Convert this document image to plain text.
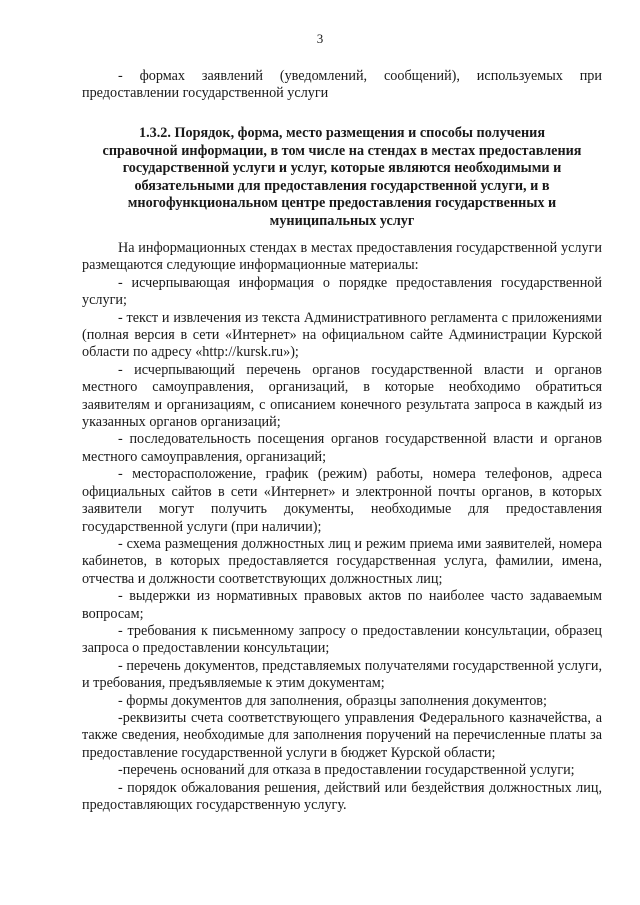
3

- формах заявлений (уведомлений, сообщений), используемых при предоставлении государственной услуги

1.3.2. Порядок, форма, место размещения и способы получения
справочной информации, в том числе на стендах в местах предоставления
государственной услуги и услуг, которые являются необходимыми и
обязательными для предоставления государственной услуги, и в
многофункциональном центре предоставления государственных и
муниципальных услуг

На информационных стендах в местах предоставления государственной услуги размещаются следующие информационные материалы:

- исчерпывающая информация о порядке предоставления государственной услуги;

- текст и извлечения из текста Административного регламента с приложениями (полная версия в сети «Интернет» на официальном сайте Администрации Курской области по адресу «http://kursk.ru»);

- исчерпывающий перечень органов государственной власти и органов местного самоуправления, организаций, в которые необходимо обратиться заявителям и организациям, с описанием конечного результата запроса в каждый из указанных органов организаций;

- последовательность посещения органов государственной власти и органов местного самоуправления, организаций;

- месторасположение, график (режим) работы, номера телефонов, адреса официальных сайтов в сети «Интернет» и электронной почты органов, в которых заявители могут получить документы, необходимые для предоставления государственной услуги (при наличии);

- схема размещения должностных лиц и режим приема ими заявителей, номера кабинетов, в которых предоставляется государственная услуга, фамилии, имена, отчества и должности соответствующих должностных лиц;

- выдержки из нормативных правовых актов по наиболее часто задаваемым вопросам;

- требования к письменному запросу о предоставлении консультации, образец запроса о предоставлении консультации;

- перечень документов, представляемых получателями государственной услуги, и требования, предъявляемые к этим документам;

- формы документов для заполнения, образцы заполнения документов;

-реквизиты счета соответствующего управления Федерального казначейства, а также сведения, необходимые для заполнения поручений на перечисленные платы за предоставление государственной услуги в бюджет Курской области;

-перечень оснований для отказа в предоставлении государственной услуги;

- порядок обжалования решения, действий или бездействия должностных лиц, предоставляющих государственную услугу.
